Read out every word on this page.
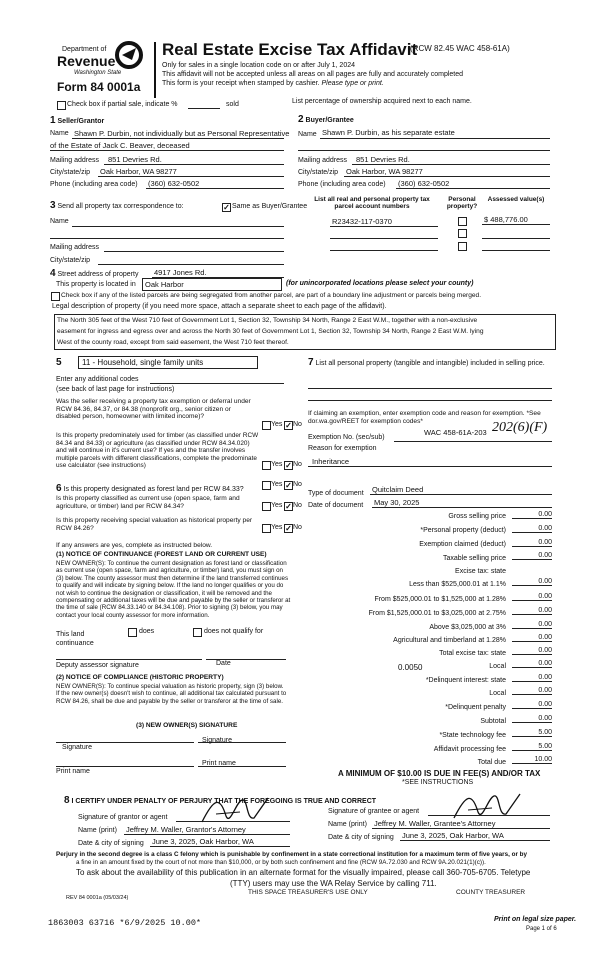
Department of
Revenue
Washington State
Form 84 0001a
Real Estate Excise Tax Affidavit
(RCW 82.45 WAC 458-61A)
Only for sales in a single location code on or after July 1, 2024
This affidavit will not be accepted unless all areas on all pages are fully and accurately completed
This form is your receipt when stamped by cashier. Please type or print.
Check box if partial sale, indicate %	sold	List percentage of ownership acquired next to each name.
1 Seller/Grantor
Name Shawn P. Durbin, not individually but as Personal Representative
of the Estate of Jack C. Beaver, deceased
Mailing address 851 Devries Rd.
City/state/zip Oak Harbor, WA 98277
Phone (including area code) (360) 632-0502
2 Buyer/Grantee
Name Shawn P. Durbin, as his separate estate
Mailing address 851 Devries Rd.
City/state/zip Oak Harbor, WA 98277
Phone (including area code) (360) 632-0502
3 Send all property tax correspondence to:	✓ Same as Buyer/Grantee
Name
Mailing address
City/state/zip
List all real and personal property tax parcel account numbers
Personal property?
Assessed value(s)
R23432-117-0370	$ 488,776.00
4 Street address of property 4917 Jones Rd.
This property is located in Oak Harbor	(for unincorporated locations please select your county)
Check box if any of the listed parcels are being segregated from another parcel, are part of a boundary line adjustment or parcels being merged.
Legal description of property (if you need more space, attach a separate sheet to each page of the affidavit).
The North 305 feet of the West 710 feet of Government Lot 1, Section 32, Township 34 North, Range 2 East W.M., together with a non-exclusive
easement for ingress and egress over and across the North 30 feet of Government Lot 1, Section 32, Township 34 North, Range 2 East W.M. lying
West of the county road, except from said easement, the West 710 feet thereof.
5	11 - Household, single family units
Enter any additional codes
(see back of last page for instructions)
Was the seller receiving a property tax exemption or deferral under RCW 84.36, 84.37, or 84.38 (nonprofit org., senior citizen or disabled person, homeowner with limited income)?
Yes ✓ No
Is this property predominately used for timber (as classified under RCW 84.34 and 84.33) or agriculture (as classified under RCW 84.34.020) and will continue in it's current use? If yes and the transfer involves multiple parcels with different classifications, complete the predominate use calculator (see instructions)	Yes ✓ No
6 Is this property designated as forest land per RCW 84.33?
Yes ✓ No
Is this property classified as current use (open space, farm and agriculture, or timber) land per RCW 84.34?	Yes ✓ No
Is this property receiving special valuation as historical property per RCW 84.26?	Yes ✓ No
If any answers are yes, complete as instructed below.
(1) NOTICE OF CONTINUANCE (FOREST LAND OR CURRENT USE)
NEW OWNER(S): To continue the current designation as forest land or classification as current use (open space, farm and agriculture, or timber) land, you must sign on (3) below. The county assessor must then determine if the land transferred continues to qualify and will indicate by signing below. If the land no longer qualifies or you do not wish to continue the designation or classification, it will be removed and the compensating or additional taxes will be due and payable by the seller or transferor at the time of sale (RCW 84.33.140 or 84.34.108). Prior to signing (3) below, you may contact your local county assessor for more information.
This land	does	does not qualify for
continuance
Deputy assessor signature	Date
(2) NOTICE OF COMPLIANCE (HISTORIC PROPERTY)
NEW OWNER(S): To continue special valuation as historic property, sign (3) below. If the new owner(s) doesn't wish to continue, all additional tax calculated pursuant to RCW 84.26, shall be due and payable by the seller or transferor at the time of sale.
(3) NEW OWNER(S) SIGNATURE
Signature
Signature
Print name
Print name
7 List all personal property (tangible and intangible) included in selling price.
If claiming an exemption, enter exemption code and reason for exemption. *See dor.wa.gov/REET for exemption codes*
Exemption No. (sec/sub)
WAC 458-61A-203 202(6)(F)
Reason for exemption
Inheritance
Type of document Quitclaim Deed
Date of document May 30, 2025
Gross selling price	0.00
*Personal property (deduct)	0.00
Exemption claimed (deduct)	0.00
Taxable selling price	0.00
Excise tax: state
Less than $525,000.01 at 1.1%	0.00
From $525,000.01 to $1,525,000 at 1.28%	0.00
From $1,525,000.01 to $3,025,000 at 2.75%	0.00
Above $3,025,000 at 3%	0.00
Agricultural and timberland at 1.28%	0.00
Total excise tax: state	0.00
0.0050	Local	0.00
*Delinquent interest: state	0.00
Local	0.00
*Delinquent penalty	0.00
Subtotal	0.00
*State technology fee	5.00
Affidavit processing fee	5.00
Total due	10.00
A MINIMUM OF $10.00 IS DUE IN FEE(S) AND/OR TAX
*SEE INSTRUCTIONS
8 I CERTIFY UNDER PENALTY OF PERJURY THAT THE FOREGOING IS TRUE AND CORRECT
Signature of grantor or agent
Name (print) Jeffrey M. Waller, Grantor's Attorney
Date & city of signing June 3, 2025, Oak Harbor, WA
Signature of grantee or agent
Name (print) Jeffrey M. Waller, Grantee's Attorney
Date & city of signing June 3, 2025, Oak Harbor, WA
Perjury in the second degree is a class C felony which is punishable by confinement in a state correctional institution for a maximum term of five years, or by
a fine in an amount fixed by the court of not more than $10,000, or by both such confinement and fine (RCW 9A.72.030 and RCW 9A.20.021(1)(c)).
To ask about the availability of this publication in an alternate format for the visually impaired, please call 360-705-6705. Teletype
(TTY) users may use the WA Relay Service by calling 711.
REV 84 0001a (05/03/24)
THIS SPACE TREASURER'S USE ONLY	COUNTY TREASURER
1863003 63716 *6/9/2025 10.00*	Print on legal size paper.
Page 1 of 6
